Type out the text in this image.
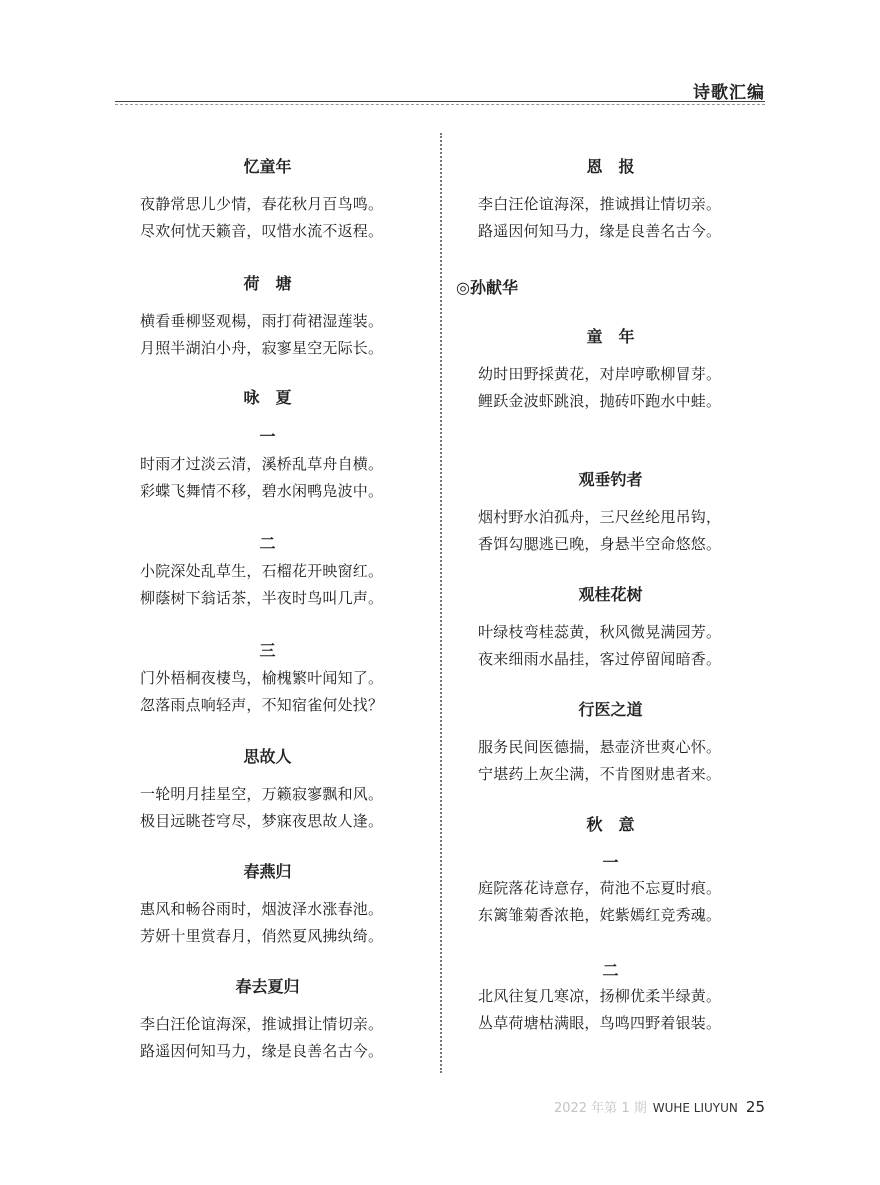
诗歌汇编
忆童年
夜静常思儿少情，春花秋月百鸟鸣。
尽欢何忧天籁音，叹惜水流不返程。
荷　塘
横看垂柳竖观楊，雨打荷裙湿莲装。
月照半湖泊小舟，寂寥星空无际长。
咏　夏
一
时雨才过淡云清，溪桥乱草舟自横。
彩蝶飞舞情不移，碧水闲鸭凫波中。
二
小院深处乱草生，石榴花开映窗红。
柳蔭树下翁话茶，半夜时鸟叫几声。
三
门外梧桐夜棲鸟，榆槐繁叶闻知了。
忽落雨点响轻声，不知宿雀何处找？
思故人
一轮明月挂星空，万籁寂寥飘和风。
极目远眺苍穹尽，梦寐夜思故人逢。
春燕归
惠风和畅谷雨时，烟波泽水涨春池。
芳妍十里赏春月，俏然夏风拂纨绮。
春去夏归
李白汪伦谊海深，推诚揖让情切亲。
路遥因何知马力，缘是良善名古今。
恩　报
李白汪伦谊海深，推诚揖让情切亲。
路遥因何知马力，缘是良善名古今。
◎孙献华
童　年
幼时田野採黄花，对岸哼歌柳冒芽。
鲤跃金波虾跳浪，抛砖吓跑水中蛙。
观垂钓者
烟村野水泊孤舟，三尺丝纶甩吊钩，
香饵勾腮逃已晚，身悬半空命悠悠。
观桂花树
叶绿枝弯桂蕊黄，秋风微晃满园芳。
夜来细雨水晶挂，客过停留闻暗香。
行医之道
服务民间医德揣，悬壶济世爽心怀。
宁堪药上灰尘满，不肯图财患者来。
秋　意
一
庭院落花诗意存，荷池不忘夏时痕。
东篱雏菊香浓艳，姹紫嫣红竞秀魂。
二
北风往复几寒凉，扬柳优柔半绿黄。
丛草荷塘枯满眼，鸟鸣四野着银装。
2022 年第 1 期 WUHE LIUYUN 25
